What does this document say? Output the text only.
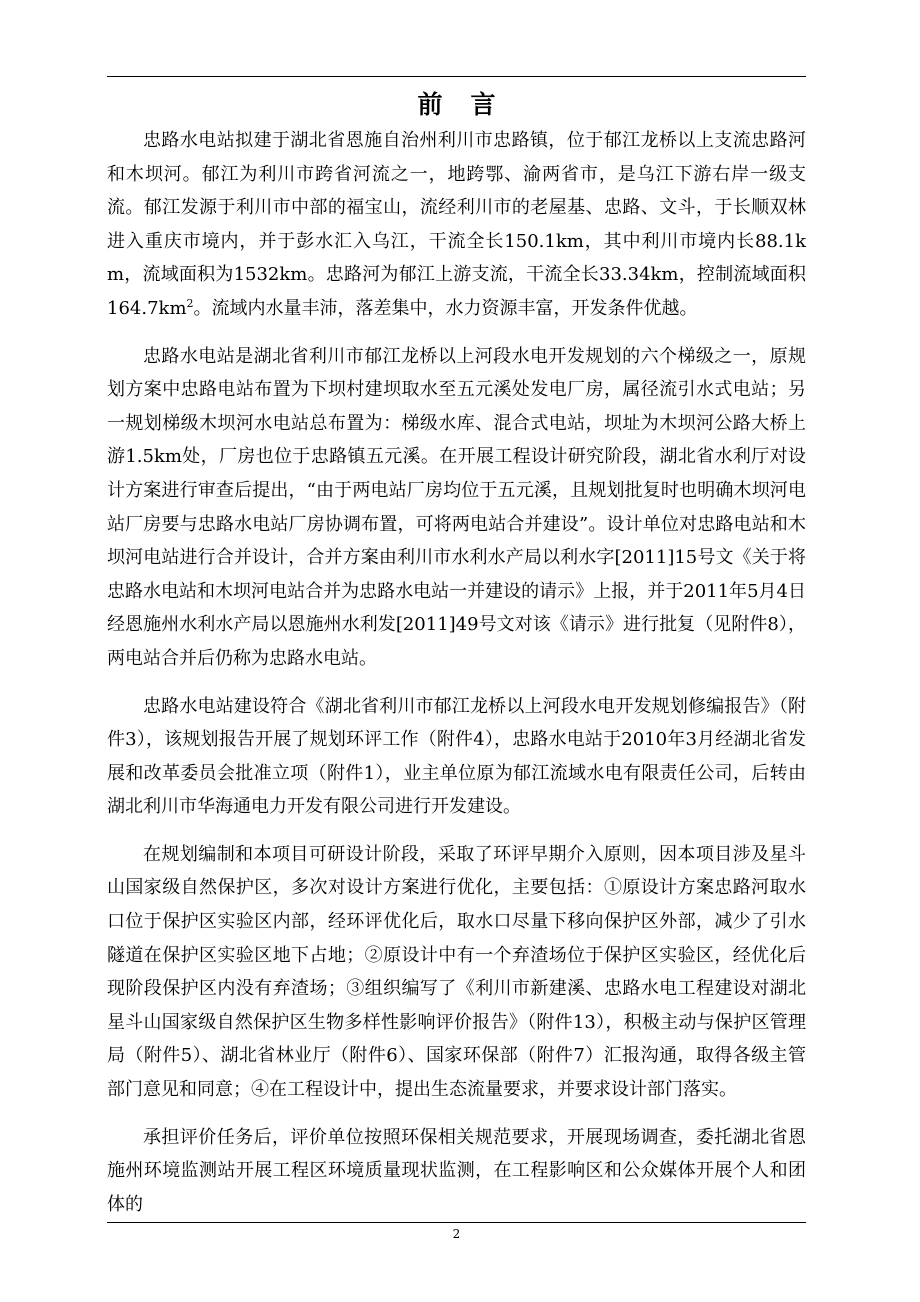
前 言

忠路水电站拟建于湖北省恩施自治州利川市忠路镇，位于郁江龙桥以上支流忠路河和木坝河。郁江为利川市跨省河流之一，地跨鄂、渝两省市，是乌江下游右岸一级支流。郁江发源于利川市中部的福宝山，流经利川市的老屋基、忠路、文斗，于长顺双林进入重庆市境内，并于彭水汇入乌江，干流全长150.1km，其中利川市境内长88.1km，流域面积为1532km。忠路河为郁江上游支流，干流全长33.34km，控制流域面积$164.7km^2$。流域内水量丰沛，落差集中，水力资源丰富，开发条件优越。

忠路水电站是湖北省利川市郁江龙桥以上河段水电开发规划的六个梯级之一，原规划方案中忠路电站布置为下坝村建坝取水至五元溪处发电厂房，属径流引水式电站；另一规划梯级木坝河水电站总布置为：梯级水库、混合式电站，坝址为木坝河公路大桥上游1.5km处，厂房也位于忠路镇五元溪。在开展工程设计研究阶段，湖北省水利厅对设计方案进行审查后提出，“由于两电站厂房均位于五元溪，且规划批复时也明确木坝河电站厂房要与忠路水电站厂房协调布置，可将两电站合并建设”。设计单位对忠路电站和木坝河电站进行合并设计，合并方案由利川市水利水产局以利水字[2011]15号文《关于将忠路水电站和木坝河电站合并为忠路水电站一并建设的请示》上报，并于2011年5月4日经恩施州水利水产局以恩施州水利发[2011]49号文对该《请示》进行批复（见附件8），两电站合并后仍称为忠路水电站。

忠路水电站建设符合《湖北省利川市郁江龙桥以上河段水电开发规划修编报告》（附件3），该规划报告开展了规划环评工作（附件4），忠路水电站于2010年3月经湖北省发展和改革委员会批准立项（附件1），业主单位原为郁江流域水电有限责任公司，后转由湖北利川市华海通电力开发有限公司进行开发建设。

在规划编制和本项目可研设计阶段，采取了环评早期介入原则，因本项目涉及星斗山国家级自然保护区，多次对设计方案进行优化，主要包括：①原设计方案忠路河取水口位于保护区实验区内部，经环评优化后，取水口尽量下移向保护区外部，减少了引水隧道在保护区实验区地下占地；②原设计中有一个弃渣场位于保护区实验区，经优化后现阶段保护区内没有弃渣场；③组织编写了《利川市新建溪、忠路水电工程建设对湖北星斗山国家级自然保护区生物多样性影响评价报告》（附件13），积极主动与保护区管理局（附件5）、湖北省林业厅（附件6）、国家环保部（附件7）汇报沟通，取得各级主管部门意见和同意；④在工程设计中，提出生态流量要求，并要求设计部门落实。

承担评价任务后，评价单位按照环保相关规范要求，开展现场调查，委托湖北省恩施州环境监测站开展工程区环境质量现状监测，在工程影响区和公众媒体开展个人和团体的

2
